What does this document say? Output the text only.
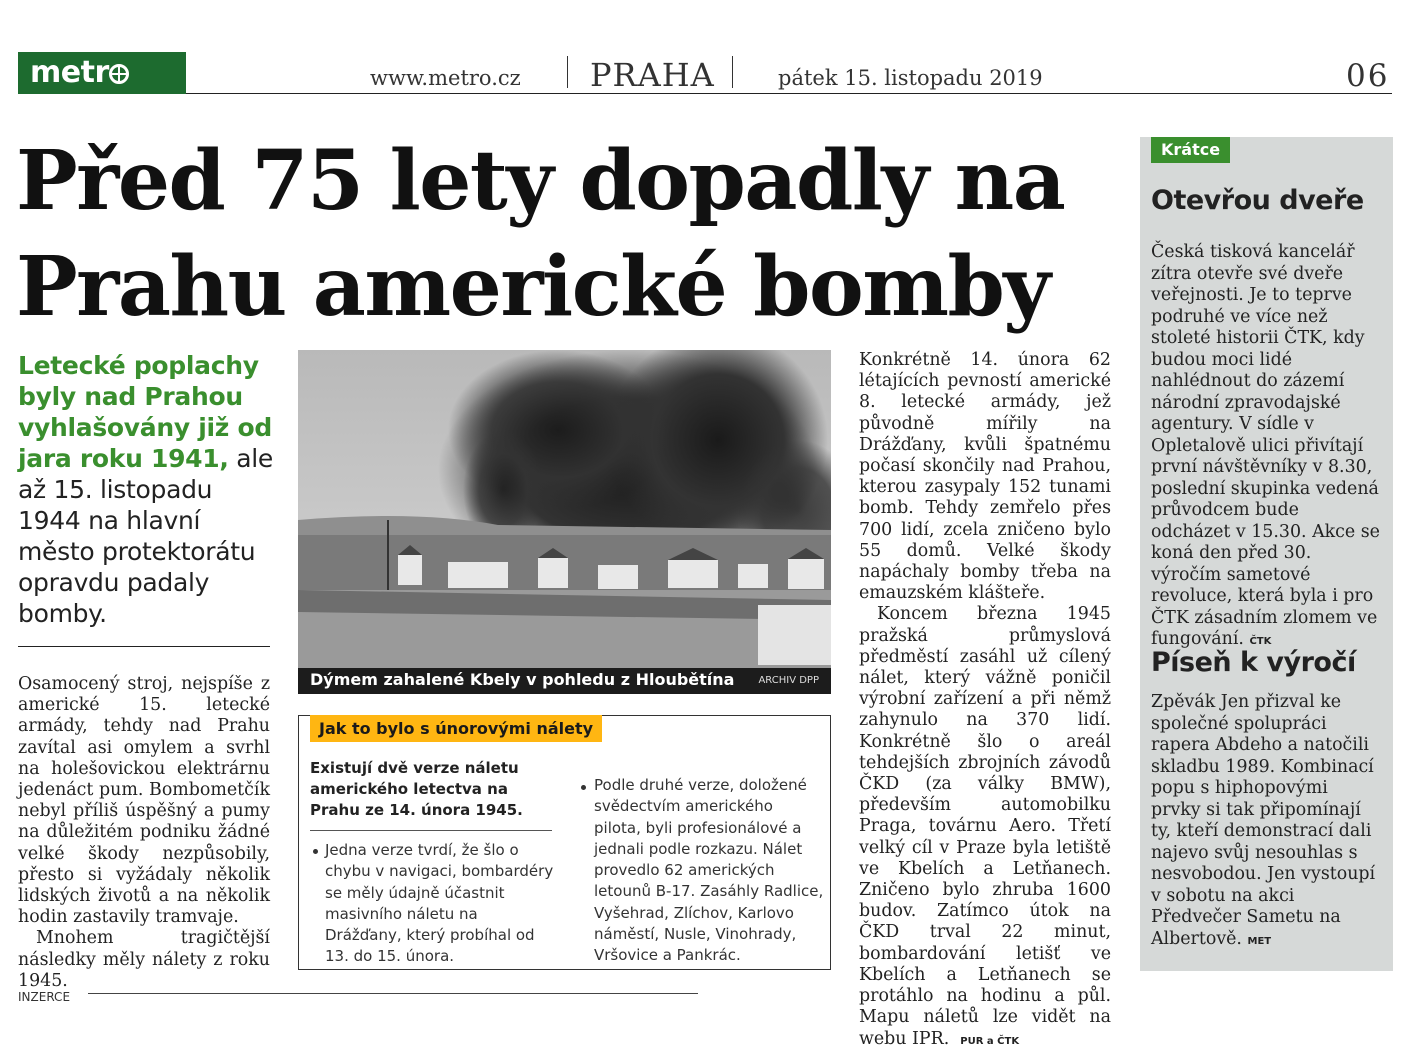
metr	www.metro.cz PRAHA	pátek 15. listopadu 2019	06
Před 75 lety dopadly na
Prahu americké bomby
Letecké poplachy byly nad Prahou vyhlašovány již od jara roku 1941, ale až 15. listopadu 1944 na hlavní město protektorátu opravdu padaly bomby.

Osamocený stroj, nejspíše z americké 15. letecké armády, tehdy nad Prahu zavítal asi omylem a svrhl na holešovickou elektrárnu jedenáct pum. Bombometčík nebyl příliš úspěšný a pumy na důležitém podniku žádné velké škody nezpůsobily, přesto si vyžádaly několik lidských životů a na několik hodin zastavily tramvaje.

Mnohem tragičtější následky měly nálety z roku 1945.

Dýmem zahalené Kbely v pohledu z Hloubětína ARCHIV DPP
Jak to bylo s únorovými nálety
Existují dvě verze náletu amerického letectva na Prahu ze 14. února 1945.
Jedna verze tvrdí, že šlo o chybu v navigaci, bombardéry se měly údajně účastnit masivního náletu na Drážďany, který probíhal od 13. do 15. února.
Podle druhé verze, doložené svědectvím amerického pilota, byli profesionálové a jednali podle rozkazu. Nálet provedlo 62 amerických letounů B-17. Zasáhly Radlice, Vyšehrad, Zlíchov, Karlovo náměstí, Nusle, Vinohrady, Vršovice a Pankrác.

Konkrétně 14. února 62 létajících pevností americké 8. letecké armády, jež původně mířily na Drážďany, kvůli špatnému počasí skončily nad Prahou, kterou zasypaly 152 tunami bomb. Tehdy zemřelo přes 700 lidí, zcela zničeno bylo 55 domů. Velké škody napáchaly bomby třeba na emauzském klášteře.

Koncem března 1945 pražská průmyslová předměstí zasáhl už cílený nálet, který vážně poničil výrobní zařízení a při němž zahynulo na 370 lidí. Konkrétně šlo o areál tehdejších zbrojních závodů ČKD (za války BMW), především automobilku Praga, továrnu Aero. Třetí velký cíl v Praze byla letiště ve Kbelích a Letňanech. Zničeno bylo zhruba 1600 budov. Zatímco útok na ČKD trval 22 minut, bombardování letišť ve Kbelích a Letňanech se protáhlo na hodinu a půl. Mapu náletů lze vidět na webu IPR. PUR a ČTK

Krátce
Otevřou dveře
Česká tisková kancelář zítra otevře své dveře veřejnosti. Je to teprve podruhé ve více než stoleté historii ČTK, kdy budou moci lidé nahlédnout do zázemí národní zpravodajské agentury. V sídle v Opletalově ulici přivítají první návštěvníky v 8.30, poslední skupinka vedená průvodcem bude odcházet v 15.30. Akce se koná den před 30. výročím sametové revoluce, která byla i pro ČTK zásadním zlomem ve fungování. ČTK
Píseň k výročí
Zpěvák Jen přizval ke společné spolupráci rapera Abdeho a natočili skladbu 1989. Kombinací popu s hiphopovými prvky si tak připomínají ty, kteří demonstrací dali najevo svůj nesouhlas s nesvobodou. Jen vystoupí v sobotu na akci Předvečer Sametu na Albertově. MET
INZERCE
